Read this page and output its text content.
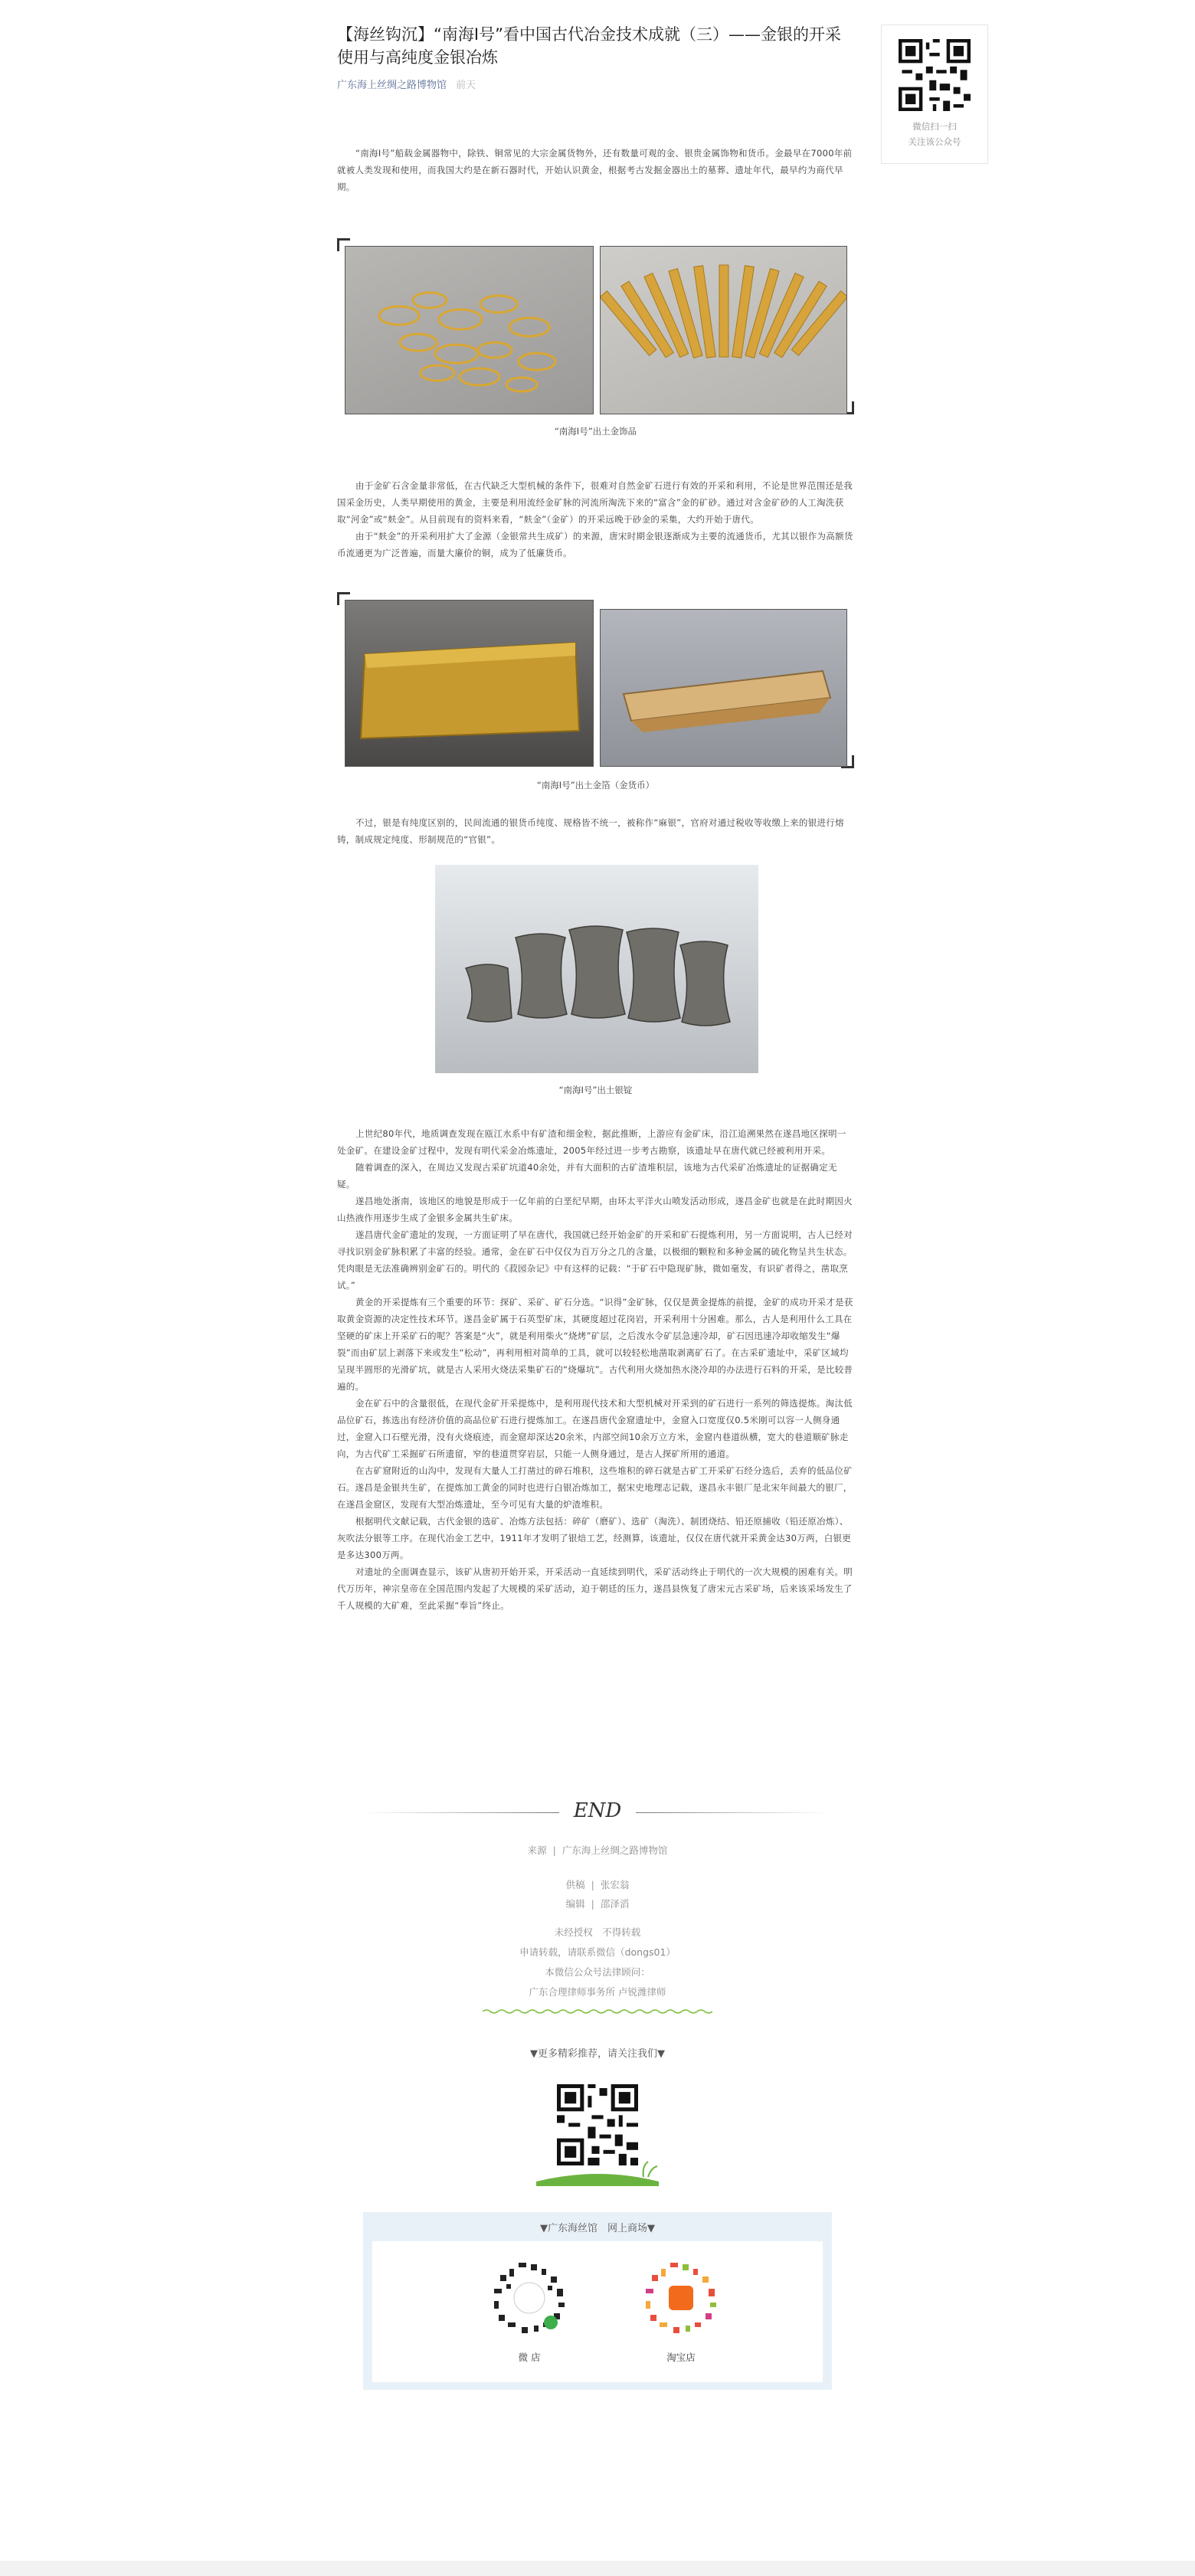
【海丝钩沉】“南海Ⅰ号”看中国古代冶金技术成就（三）——金银的开采使用与高纯度金银冶炼
广东海上丝绸之路博物馆 前天

“南海Ⅰ号”船载金属器物中，除铁、铜常见的大宗金属货物外，还有数量可观的金、银贵金属饰物和货币。金最早在7000年前就被人类发现和使用，而我国大约是在新石器时代，开始认识黄金，根据考古发掘金器出土的墓葬、遗址年代，最早约为商代早期。

“南海Ⅰ号”出土金饰品

由于金矿石含金量非常低，在古代缺乏大型机械的条件下，很难对自然金矿石进行有效的开采和利用，不论是世界范围还是我国采金历史，人类早期使用的黄金，主要是利用流经金矿脉的河流所淘洗下来的“富含”金的矿砂。通过对含金矿砂的人工淘洗获取“河金”或“麸金”。从目前现有的资料来看，“麸金”（金矿）的开采远晚于砂金的采集，大约开始于唐代。

由于“麸金”的开采利用扩大了金源（金银常共生成矿）的来源，唐宋时期金银逐渐成为主要的流通货币，尤其以银作为高额货币流通更为广泛普遍，而量大廉价的铜，成为了低廉货币。

“南海Ⅰ号”出土金箔（金货币）

不过，银是有纯度区别的，民间流通的银货币纯度、规格皆不统一，被称作“麻银”，官府对通过税收等收缴上来的银进行熔铸，制成规定纯度、形制规范的“官银”。

“南海Ⅰ号”出土银锭

上世纪80年代，地质调查发现在瓯江水系中有矿渣和细金粒，据此推断，上游应有金矿床，沿江追溯果然在遂昌地区探明一处金矿。在建设金矿过程中，发现有明代采金冶炼遗址，2005年经过进一步考古勘察，该遗址早在唐代就已经被利用开采。

随着调查的深入，在周边又发现古采矿坑道40余处，并有大面积的古矿渣堆积层，该地为古代采矿冶炼遗址的证据确定无疑。

遂昌地处浙南，该地区的地貌是形成于一亿年前的白垩纪早期，由环太平洋火山喷发活动形成，遂昌金矿也就是在此时期因火山热液作用逐步生成了金银多金属共生矿床。

遂昌唐代金矿遗址的发现，一方面证明了早在唐代，我国就已经开始金矿的开采和矿石提炼利用，另一方面说明，古人已经对寻找识别金矿脉积累了丰富的经验。通常，金在矿石中仅仅为百万分之几的含量，以极细的颗粒和多种金属的硫化物呈共生状态。凭肉眼是无法准确辨别金矿石的。明代的《菽园杂记》中有这样的记载：“于矿石中隐现矿脉，微如毫发，有识矿者得之，凿取烹试。”

黄金的开采提炼有三个重要的环节：探矿、采矿、矿石分选。“识得”金矿脉，仅仅是黄金提炼的前提，金矿的成功开采才是获取黄金资源的决定性技术环节。遂昌金矿属于石英型矿床，其硬度超过花岗岩，开采利用十分困难。那么，古人是利用什么工具在坚硬的矿床上开采矿石的呢？答案是“火”，就是利用柴火“烧烤”矿层，之后泼水令矿层急速冷却，矿石因迅速冷却收缩发生“爆裂”而由矿层上剥落下来或发生“松动”，再利用相对简单的工具，就可以较轻松地凿取剥离矿石了。在古采矿遗址中，采矿区域均呈现半圆形的光滑矿坑，就是古人采用火烧法采集矿石的“烧爆坑”。古代利用火烧加热水浇冷却的办法进行石料的开采，是比较普遍的。

金在矿石中的含量很低，在现代金矿开采提炼中，是利用现代技术和大型机械对开采到的矿石进行一系列的筛选提炼。淘汰低品位矿石，拣选出有经济价值的高品位矿石进行提炼加工。在遂昌唐代金窟遗址中，金窟入口宽度仅0.5米刚可以容一人侧身通过，金窟入口石壁光滑，没有火烧痕迹，而金窟却深达20余米，内部空间10余万立方米，金窟内巷道纵横，宽大的巷道顺矿脉走向，为古代矿工采掘矿石所遗留，窄的巷道贯穿岩层，只能一人侧身通过，是古人探矿所用的通道。

在古矿窟附近的山沟中，发现有大量人工打凿过的碎石堆积，这些堆积的碎石就是古矿工开采矿石经分选后，丢弃的低品位矿石。遂昌是金银共生矿，在提炼加工黄金的同时也进行白银冶炼加工，据宋史地理志记载，遂昌永丰银厂是北宋年间最大的银厂，在遂昌金窟区，发现有大型冶炼遗址，至今可见有大量的炉渣堆积。

根据明代文献记载，古代金银的选矿、冶炼方法包括：碎矿（磨矿）、选矿（淘洗）、制团烧结、铅还原捕收（铅还原冶炼）、灰吹法分银等工序。在现代冶金工艺中，1911年才发明了银焙工艺，经测算，该遗址，仅仅在唐代就开采黄金达30万两，白银更是多达300万两。

对遗址的全面调查显示，该矿从唐初开始开采，开采活动一直延续到明代，采矿活动终止于明代的一次大规模的困难有关。明代万历年，神宗皇帝在全国范围内发起了大规模的采矿活动，迫于朝廷的压力，遂昌县恢复了唐宋元古采矿场，后来该采场发生了千人规模的大矿难，至此采掘“奉旨”终止。

微信扫一扫
关注该公众号
END
来源 | 广东海上丝绸之路博物馆
供稿 | 张宏翁
编辑 | 邵泽滔
未经授权　不得转载
申请转载，请联系微信（dongs01）
本微信公众号法律顾问：
广东合理律师事务所 卢锐潍律师
▼更多精彩推荐，请关注我们▼
▼广东海丝馆　网上商场▼
微 店	淘宝店
